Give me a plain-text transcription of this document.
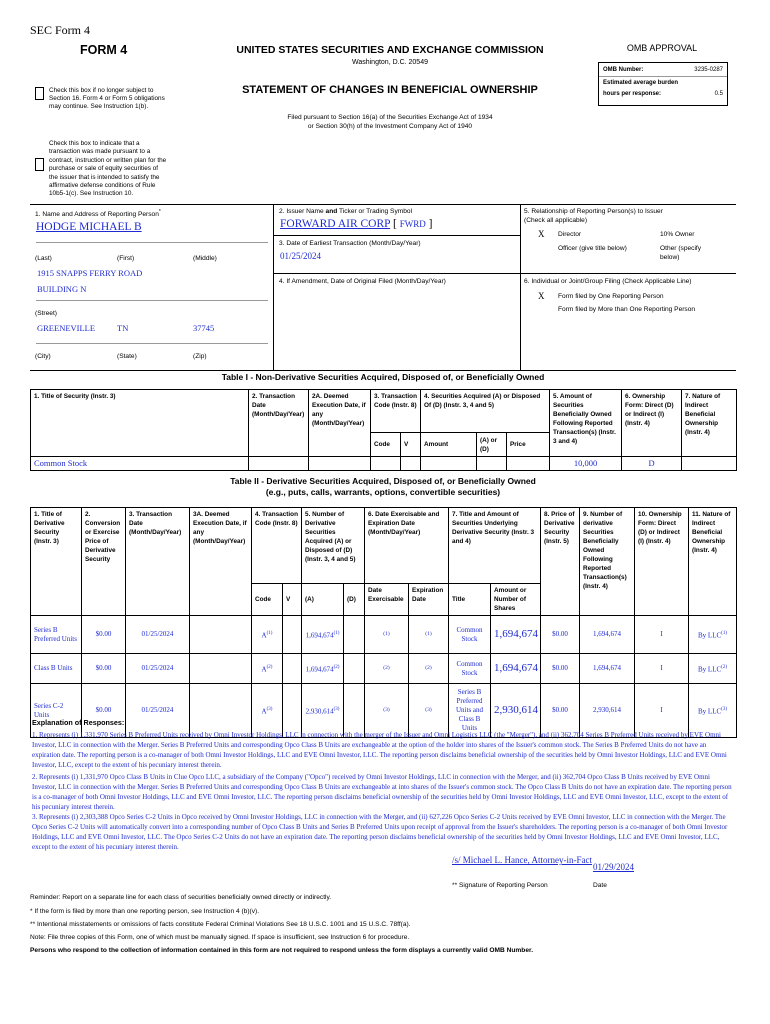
SEC Form 4
FORM 4	UNITED STATES SECURITIES AND EXCHANGE COMMISSION
Washington, D.C. 20549
OMB APPROVAL
OMB Number:	3235-0287
Estimated average burden
hours per response:	0.5
Check this box if no longer subject to Section 16. Form 4 or Form 5 obligations may continue. See Instruction 1(b).
STATEMENT OF CHANGES IN BENEFICIAL OWNERSHIP
Filed pursuant to Section 16(a) of the Securities Exchange Act of 1934
or Section 30(h) of the Investment Company Act of 1940
Check this box to indicate that a transaction was made pursuant to a contract, instruction or written plan for the purchase or sale of equity securities of the issuer that is intended to satisfy the affirmative defense conditions of Rule 10b5-1(c). See Instruction 10.
1. Name and Address of Reporting Person*
HODGE MICHAEL B
(Last)	(First)	(Middle)
1915 SNAPPS FERRY ROAD
BUILDING N
(Street)
GREENEVILLE	TN	37745
(City)	(State)	(Zip)
2. Issuer Name and Ticker or Trading Symbol
FORWARD AIR CORP [ FWRD ]
3. Date of Earliest Transaction (Month/Day/Year)
01/25/2024
4. If Amendment, Date of Original Filed (Month/Day/Year)
5. Relationship of Reporting Person(s) to Issuer
(Check all applicable)
X Director	10% Owner
Officer (give title below)	Other (specify below)
6. Individual or Joint/Group Filing (Check Applicable Line)
X Form filed by One Reporting Person
Form filed by More than One Reporting Person
Table I - Non-Derivative Securities Acquired, Disposed of, or Beneficially Owned
1. Title of Security (Instr. 3)	2. Transaction Date (Month/Day/Year)	2A. Deemed Execution Date, if any (Month/Day/Year)	3. Transaction Code (Instr. 8)		4. Securities Acquired (A) or Disposed Of (D) (Instr. 3, 4 and 5)			5. Amount of Securities Beneficially Owned Following Reported Transaction(s) (Instr. 3 and 4)	6. Ownership Form: Direct (D) or Indirect (I) (Instr. 4)	7. Nature of Indirect Beneficial Ownership (Instr. 4)
			Code	V	Amount	(A) or (D)	Price			
Common Stock								10,000	D	
Table II - Derivative Securities Acquired, Disposed of, or Beneficially Owned
(e.g., puts, calls, warrants, options, convertible securities)
1. Title of Derivative Security (Instr. 3)	2. Conversion or Exercise Price of Derivative Security	3. Transaction Date (Month/Day/Year)	3A. Deemed Execution Date, if any (Month/Day/Year)	4. Transaction Code (Instr. 8)		5. Number of Derivative Securities Acquired (A) or Disposed of (D) (Instr. 3, 4 and 5)		6. Date Exercisable and Expiration Date (Month/Day/Year)		7. Title and Amount of Securities Underlying Derivative Security (Instr. 3 and 4)		8. Price of Derivative Security (Instr. 5)	9. Number of derivative Securities Beneficially Owned Following Reported Transaction(s) (Instr. 4)	10. Ownership Form: Direct (D) or Indirect (I) (Instr. 4)	11. Nature of Indirect Beneficial Ownership (Instr. 4)
				Code	V	(A)	(D)	Date Exercisable	Expiration Date	Title	Amount or Number of Shares				
Series B Preferred Units	$0.00	01/25/2024		$A^{(1)}$		1,694,674$^{(1)}$		(1)	(1)	Common Stock	1,694,674	$0.00	1,694,674	I	By LLC$^{(1)}$
Class B Units	$0.00	01/25/2024		$A^{(2)}$		1,694,674$^{(2)}$		(2)	(2)	Common Stock	1,694,674	$0.00	1,694,674	I	By LLC$^{(2)}$
Series C-2 Units	$0.00	01/25/2024		$A^{(3)}$		2,930,614$^{(3)}$		(3)	(3)	Series B Preferred Units and Class B Units	2,930,614	$0.00	2,930,614	I	By LLC$^{(3)}$
Explanation of Responses:
1. Represents (i) 1,331,970 Series B Preferred Units received by Omni Investor Holdings, LLC in connection with the merger of the Issuer and Omni Logistics LLC (the "Merger"), and (ii) 362,704 Series B Preferred Units received by EVE Omni Investor, LLC in connection with the Merger. Series B Preferred Units and corresponding Opco Class B Units are exchangeable at the option of the holder into shares of the Issuer's common stock. The Series B Preferred Units do not have an expiration date. The reporting person is a co-manager of both Omni Investor Holdings, LLC and EVE Omni Investor, LLC. The reporting person disclaims beneficial ownership of the securities held by Omni Investor Holdings, LLC and EVE Omni Investor, LLC, except to the extent of his pecuniary interest therein.
2. Represents (i) 1,331,970 Opco Class B Units in Clue Opco LLC, a subsidiary of the Company ("Opco") received by Omni Investor Holdings, LLC in connection with the Merger, and (ii) 362,704 Opco Class B Units received by EVE Omni Investor, LLC in connection with the Merger. Series B Preferred Units and corresponding Opco Class B Units are exchangeable at into shares of the Issuer's common stock. The Opco Class B Units do not have an expiration date. The reporting person is a co-manager of both Omni Investor Holdings, LLC and EVE Omni Investor, LLC. The reporting person disclaims beneficial ownership of the securities held by Omni Investor Holdings, LLC and EVE Omni Investor, LLC, except to the extent of his pecuniary interest therein.
3. Represents (i) 2,303,388 Opco Series C-2 Units in Opco received by Omni Investor Holdings, LLC in connection with the Merger, and (ii) 627,226 Opco Series C-2 Units received by EVE Omni Investor, LLC in connection with the Merger. The Opco Series C-2 Units will automatically convert into a corresponding number of Opco Class B Units and Series B Preferred Units upon receipt of approval from the Issuer's shareholders. The reporting person is a co-manager of both Omni Investor Holdings, LLC and EVE Omni Investor, LLC. The Opco Series C-2 Units do not have an expiration date. The reporting person disclaims beneficial ownership of the securities held by Omni Investor Holdings, LLC and EVE Omni Investor, LLC, except to the extent of his pecuniary interest therein.
/s/ Michael L. Hance, Attorney-in-Fact
01/29/2024
** Signature of Reporting Person	Date
Reminder: Report on a separate line for each class of securities beneficially owned directly or indirectly.
* If the form is filed by more than one reporting person, see Instruction 4 (b)(v).
** Intentional misstatements or omissions of facts constitute Federal Criminal Violations See 18 U.S.C. 1001 and 15 U.S.C. 78ff(a).
Note: File three copies of this Form, one of which must be manually signed. If space is insufficient, see Instruction 6 for procedure.
Persons who respond to the collection of information contained in this form are not required to respond unless the form displays a currently valid OMB Number.
